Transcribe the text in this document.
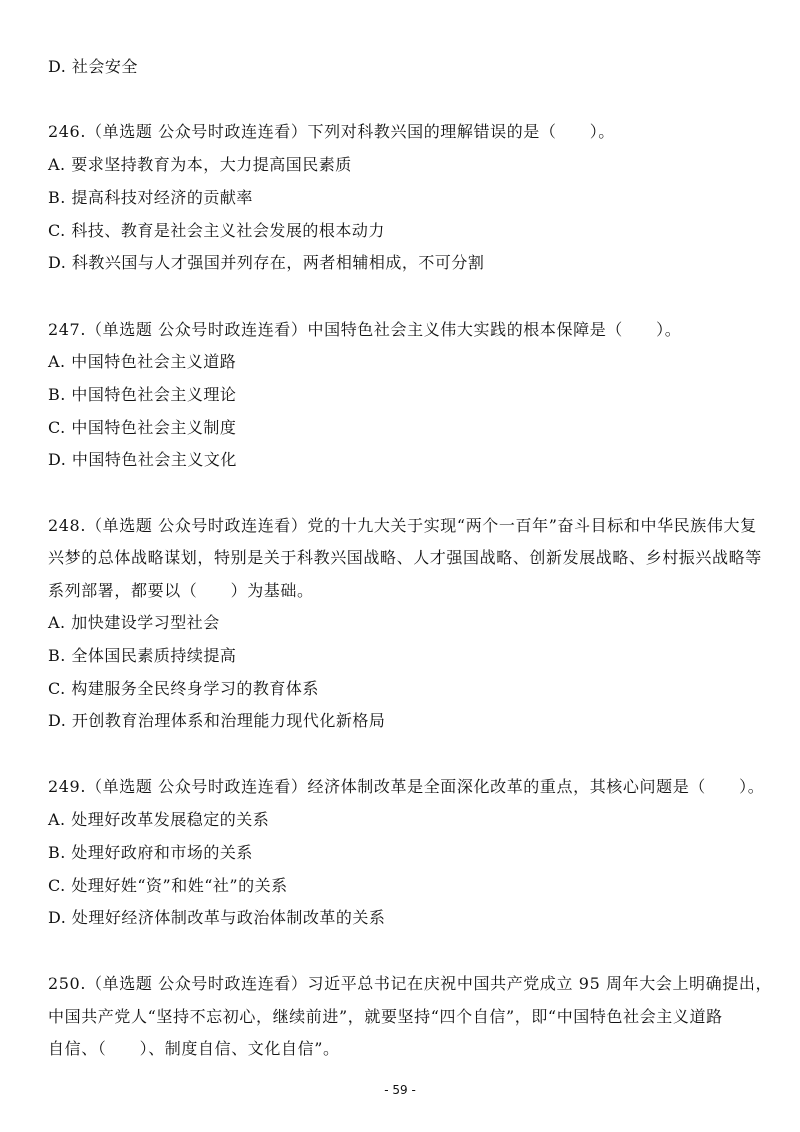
D. 社会安全

246.（单选题 公众号时政连连看）下列对科教兴国的理解错误的是（　　）。

A. 要求坚持教育为本，大力提高国民素质

B. 提高科技对经济的贡献率

C. 科技、教育是社会主义社会发展的根本动力

D. 科教兴国与人才强国并列存在，两者相辅相成，不可分割

247.（单选题 公众号时政连连看）中国特色社会主义伟大实践的根本保障是（　　）。

A. 中国特色社会主义道路

B. 中国特色社会主义理论

C. 中国特色社会主义制度

D. 中国特色社会主义文化

248.（单选题 公众号时政连连看）党的十九大关于实现“两个一百年”奋斗目标和中华民族伟大复

兴梦的总体战略谋划，特别是关于科教兴国战略、人才强国战略、创新发展战略、乡村振兴战略等

系列部署，都要以（　　）为基础。

A. 加快建设学习型社会

B. 全体国民素质持续提高

C. 构建服务全民终身学习的教育体系

D. 开创教育治理体系和治理能力现代化新格局

249.（单选题 公众号时政连连看）经济体制改革是全面深化改革的重点，其核心问题是（　　）。

A. 处理好改革发展稳定的关系

B. 处理好政府和市场的关系

C. 处理好姓“资”和姓“社”的关系

D. 处理好经济体制改革与政治体制改革的关系

250.（单选题 公众号时政连连看）习近平总书记在庆祝中国共产党成立 95 周年大会上明确提出，

中国共产党人“坚持不忘初心，继续前进”，就要坚持“四个自信”，即“中国特色社会主义道路

自信、（　　）、制度自信、文化自信”。

- 59 -
